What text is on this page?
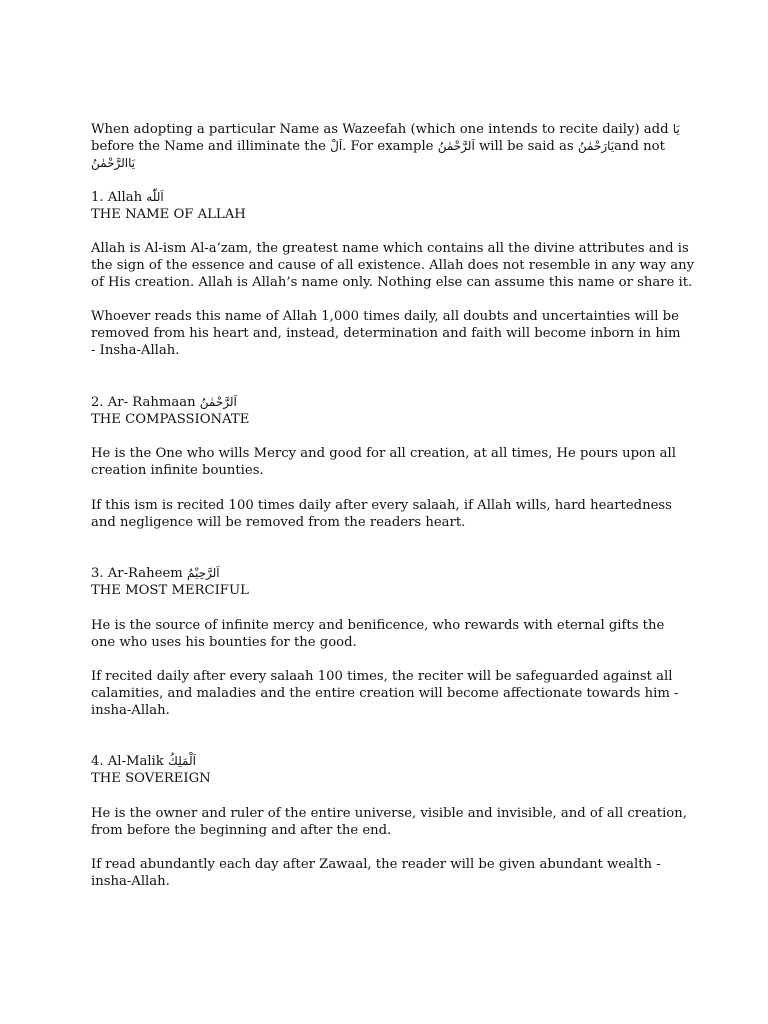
When adopting a particular Name as Wazeefah (which one intends to recite daily) add يَا
before the Name and illiminate the اَلْ. For example اَلرَّحْمٰنُ will be said as يَارَحْمٰنُand not
يَاالرَّحْمٰنُ
1. Allah اَللّٰه
THE NAME OF ALLAH
Allah is Al-ism Al-a’zam, the greatest name which contains all the divine attributes and is
the sign of the essence and cause of all existence. Allah does not resemble in any way any
of His creation. Allah is Allah’s name only. Nothing else can assume this name or share it.
Whoever reads this name of Allah 1,000 times daily, all doubts and uncertainties will be
removed from his heart and, instead, determination and faith will become inborn in him
- Insha-Allah.
2. Ar- Rahmaan اَلرَّحْمٰنُ
THE COMPASSIONATE
He is the One who wills Mercy and good for all creation, at all times, He pours upon all
creation infinite bounties.
If this ism is recited 100 times daily after every salaah, if Allah wills, hard heartedness
and negligence will be removed from the readers heart.
3. Ar-Raheem اَلرَّحِيْمُ
THE MOST MERCIFUL
He is the source of infinite mercy and benificence, who rewards with eternal gifts the
one who uses his bounties for the good.
If recited daily after every salaah 100 times, the reciter will be safeguarded against all
calamities, and maladies and the entire creation will become affectionate towards him -
insha-Allah.
4. Al-Malik اَلْمَلِكُ
THE SOVEREIGN
He is the owner and ruler of the entire universe, visible and invisible, and of all creation,
from before the beginning and after the end.
If read abundantly each day after Zawaal, the reader will be given abundant wealth -
insha-Allah.
